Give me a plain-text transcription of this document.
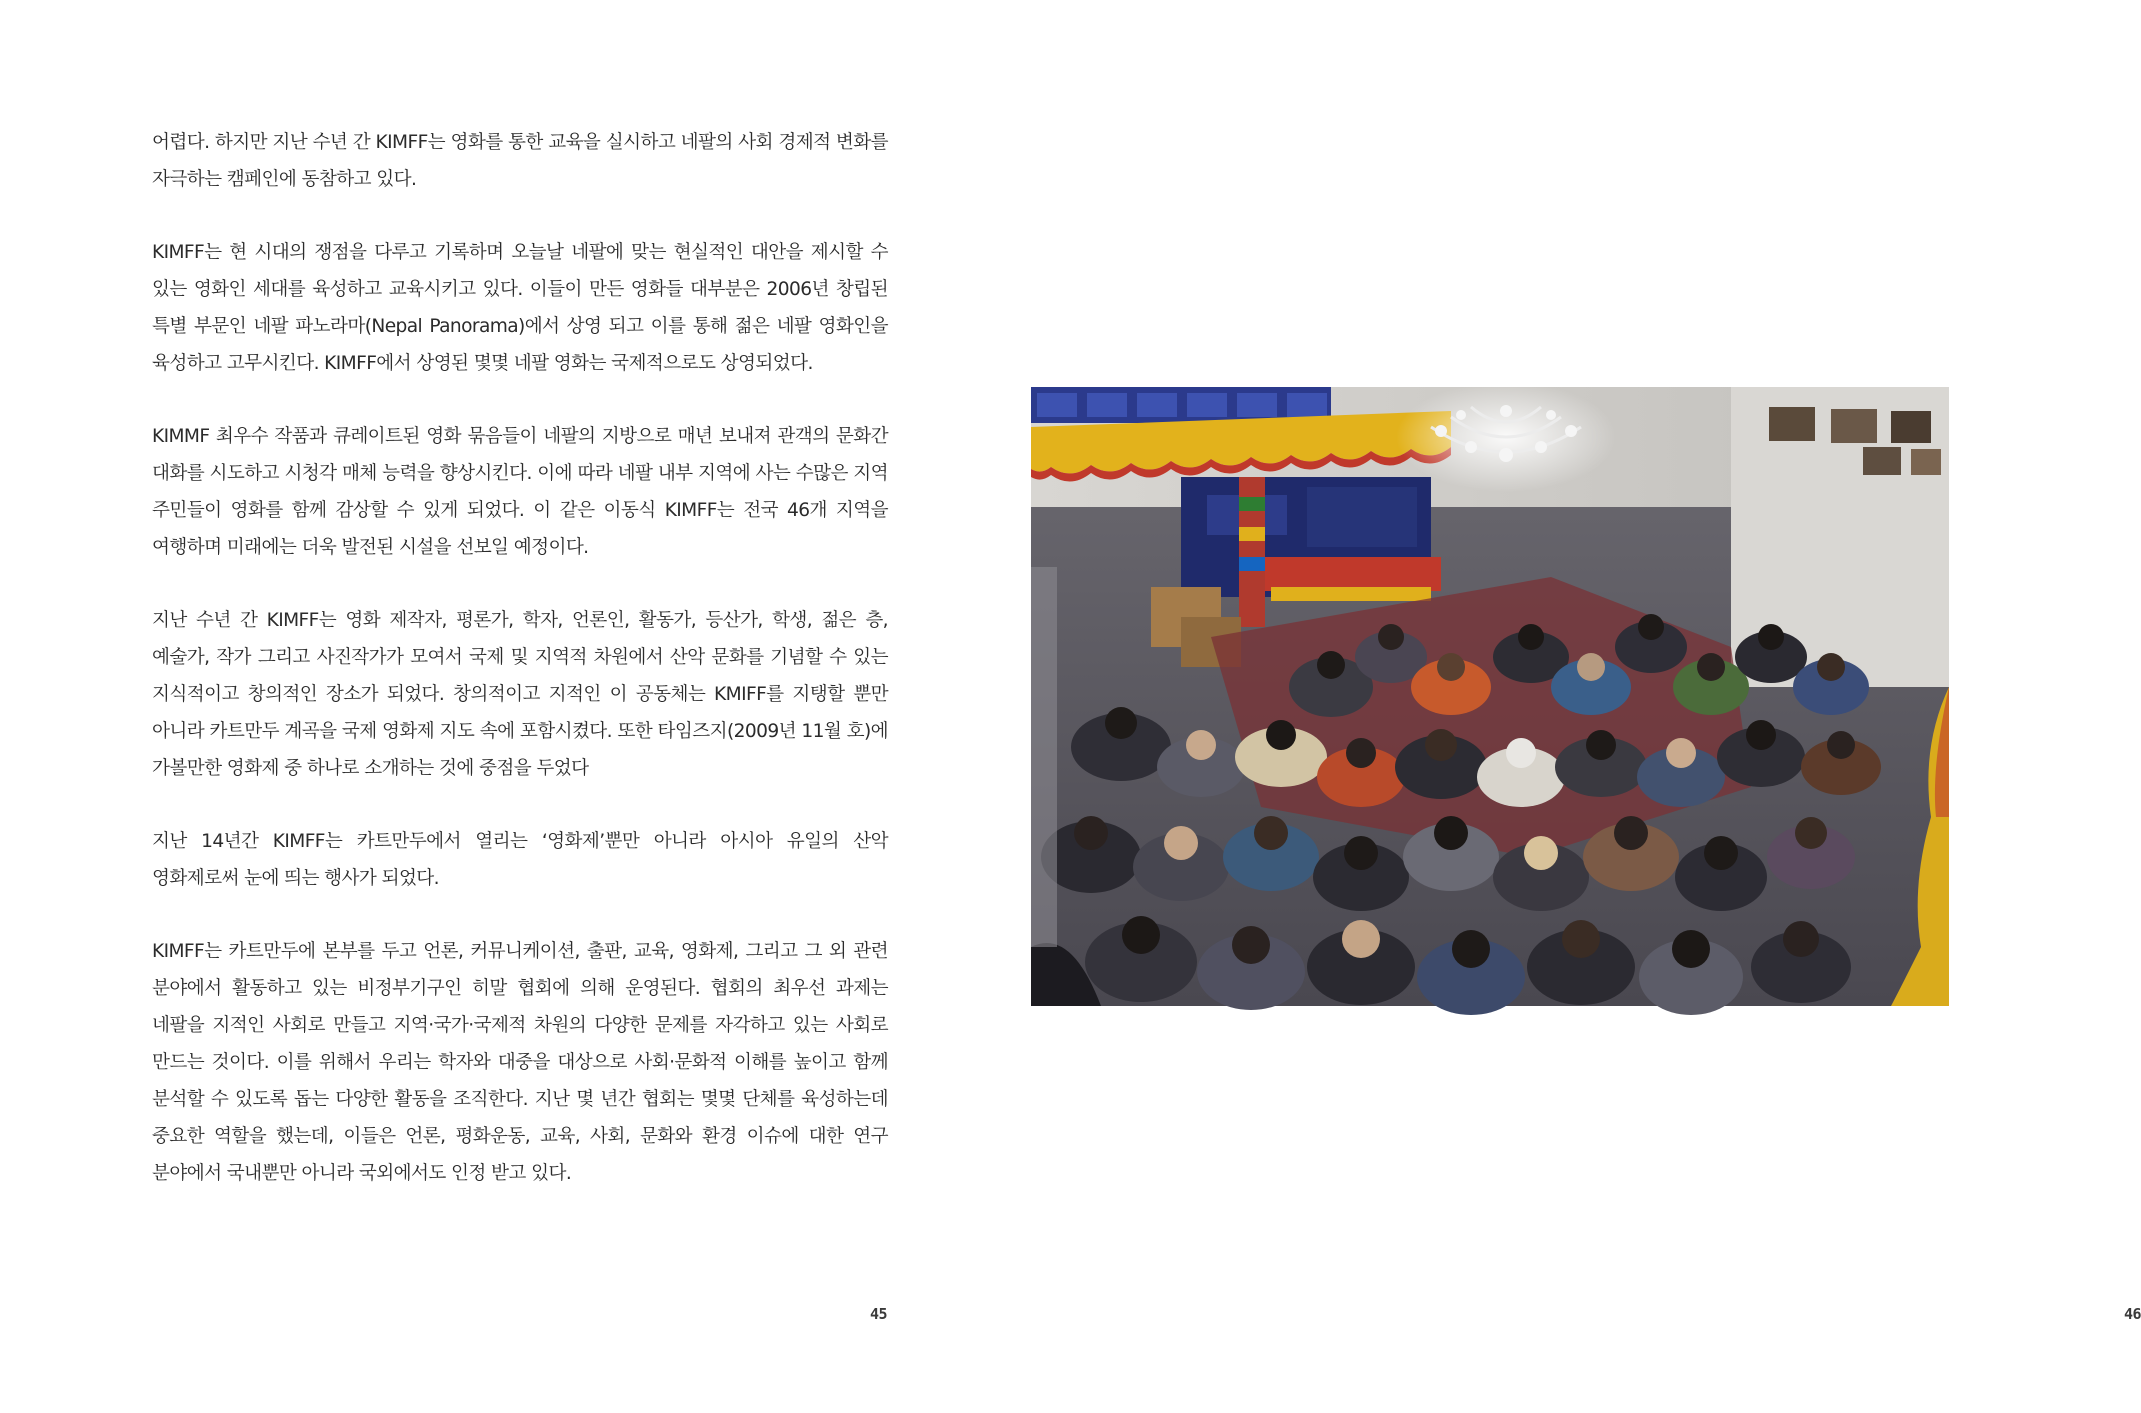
어렵다. 하지만 지난 수년 간 KIMFF는 영화를 통한 교육을 실시하고 네팔의 사회 경제적 변화를 자극하는 캠페인에 동참하고 있다.

KIMFF는 현 시대의 쟁점을 다루고 기록하며 오늘날 네팔에 맞는 현실적인 대안을 제시할 수 있는 영화인 세대를 육성하고 교육시키고 있다. 이들이 만든 영화들 대부분은 2006년 창립된 특별 부문인 네팔 파노라마(Nepal Panorama)에서 상영 되고 이를 통해 젊은 네팔 영화인을 육성하고 고무시킨다. KIMFF에서 상영된 몇몇 네팔 영화는 국제적으로도 상영되었다.

KIMMF 최우수 작품과 큐레이트된 영화 묶음들이 네팔의 지방으로 매년 보내져 관객의 문화간 대화를 시도하고 시청각 매체 능력을 향상시킨다. 이에 따라 네팔 내부 지역에 사는 수많은 지역 주민들이 영화를 함께 감상할 수 있게 되었다. 이 같은 이동식 KIMFF는 전국 46개 지역을 여행하며 미래에는 더욱 발전된 시설을 선보일 예정이다.

지난 수년 간 KIMFF는 영화 제작자, 평론가, 학자, 언론인, 활동가, 등산가, 학생, 젊은 층, 예술가, 작가 그리고 사진작가가 모여서 국제 및 지역적 차원에서 산악 문화를 기념할 수 있는 지식적이고 창의적인 장소가 되었다. 창의적이고 지적인 이 공동체는 KMIFF를 지탱할 뿐만 아니라 카트만두 계곡을 국제 영화제 지도 속에 포함시켰다. 또한 타임즈지(2009년 11월 호)에 가볼만한 영화제 중 하나로 소개하는 것에 중점을 두었다

지난 14년간 KIMFF는 카트만두에서 열리는 ‘영화제’뿐만 아니라 아시아 유일의 산악 영화제로써 눈에 띄는 행사가 되었다.

KIMFF는 카트만두에 본부를 두고 언론, 커뮤니케이션, 출판, 교육, 영화제, 그리고 그 외 관련 분야에서 활동하고 있는 비정부기구인 히말 협회에 의해 운영된다. 협회의 최우선 과제는 네팔을 지적인 사회로 만들고 지역·국가·국제적 차원의 다양한 문제를 자각하고 있는 사회로 만드는 것이다. 이를 위해서 우리는 학자와 대중을 대상으로 사회·문화적 이해를 높이고 함께 분석할 수 있도록 돕는 다양한 활동을 조직한다. 지난 몇 년간 협회는 몇몇 단체를 육성하는데 중요한 역할을 했는데, 이들은 언론, 평화운동, 교육, 사회, 문화와 환경 이슈에 대한 연구 분야에서 국내뿐만 아니라 국외에서도 인정 받고 있다.

45	46
